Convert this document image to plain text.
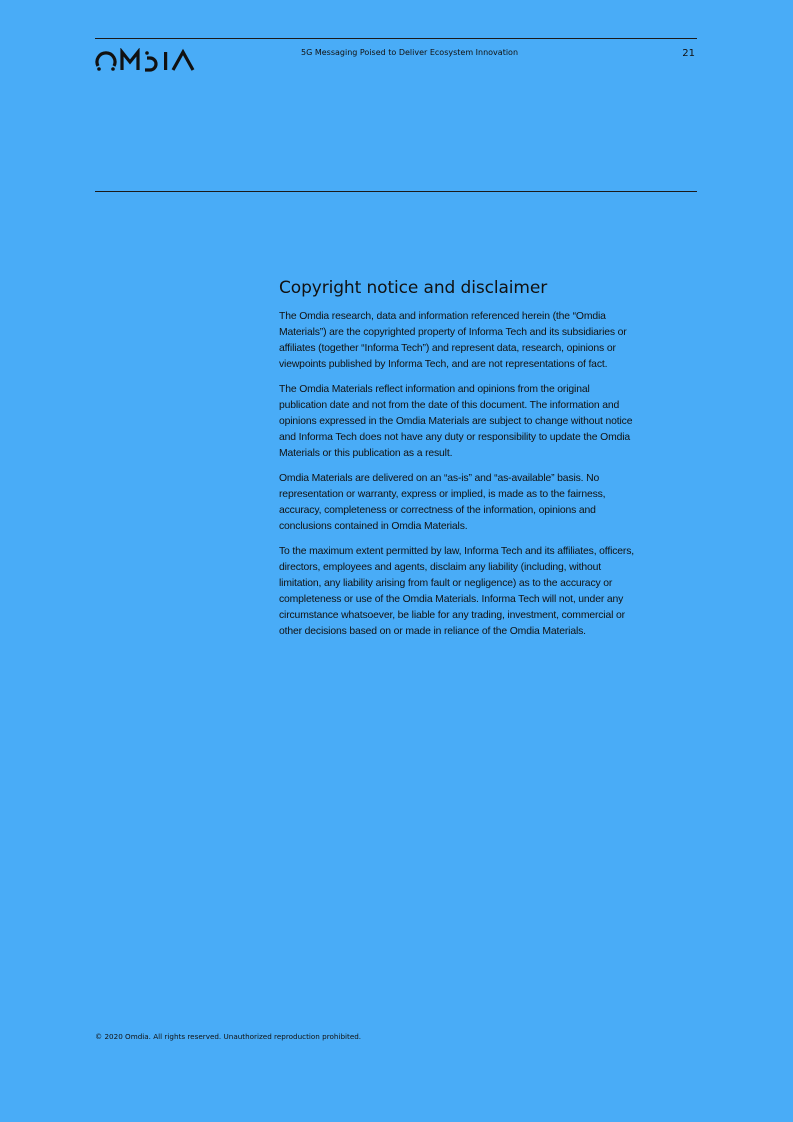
5G Messaging Poised to Deliver Ecosystem Innovation	21
Copyright notice and disclaimer

The Omdia research, data and information referenced herein (the “Omdia Materials”) are the copyrighted property of Informa Tech and its subsidiaries or affiliates (together “Informa Tech”) and represent data, research, opinions or viewpoints published by Informa Tech, and are not representations of fact.

The Omdia Materials reflect information and opinions from the original publication date and not from the date of this document. The information and opinions expressed in the Omdia Materials are subject to change without notice and Informa Tech does not have any duty or responsibility to update the Omdia Materials or this publication as a result.

Omdia Materials are delivered on an “as-is” and “as-available” basis. No representation or warranty, express or implied, is made as to the fairness, accuracy, completeness or correctness of the information, opinions and conclusions contained in Omdia Materials.

To the maximum extent permitted by law, Informa Tech and its affiliates, officers, directors, employees and agents, disclaim any liability (including, without limitation, any liability arising from fault or negligence) as to the accuracy or completeness or use of the Omdia Materials. Informa Tech will not, under any circumstance whatsoever, be liable for any trading, investment, commercial or other decisions based on or made in reliance of the Omdia Materials.

© 2020 Omdia. All rights reserved. Unauthorized reproduction prohibited.
